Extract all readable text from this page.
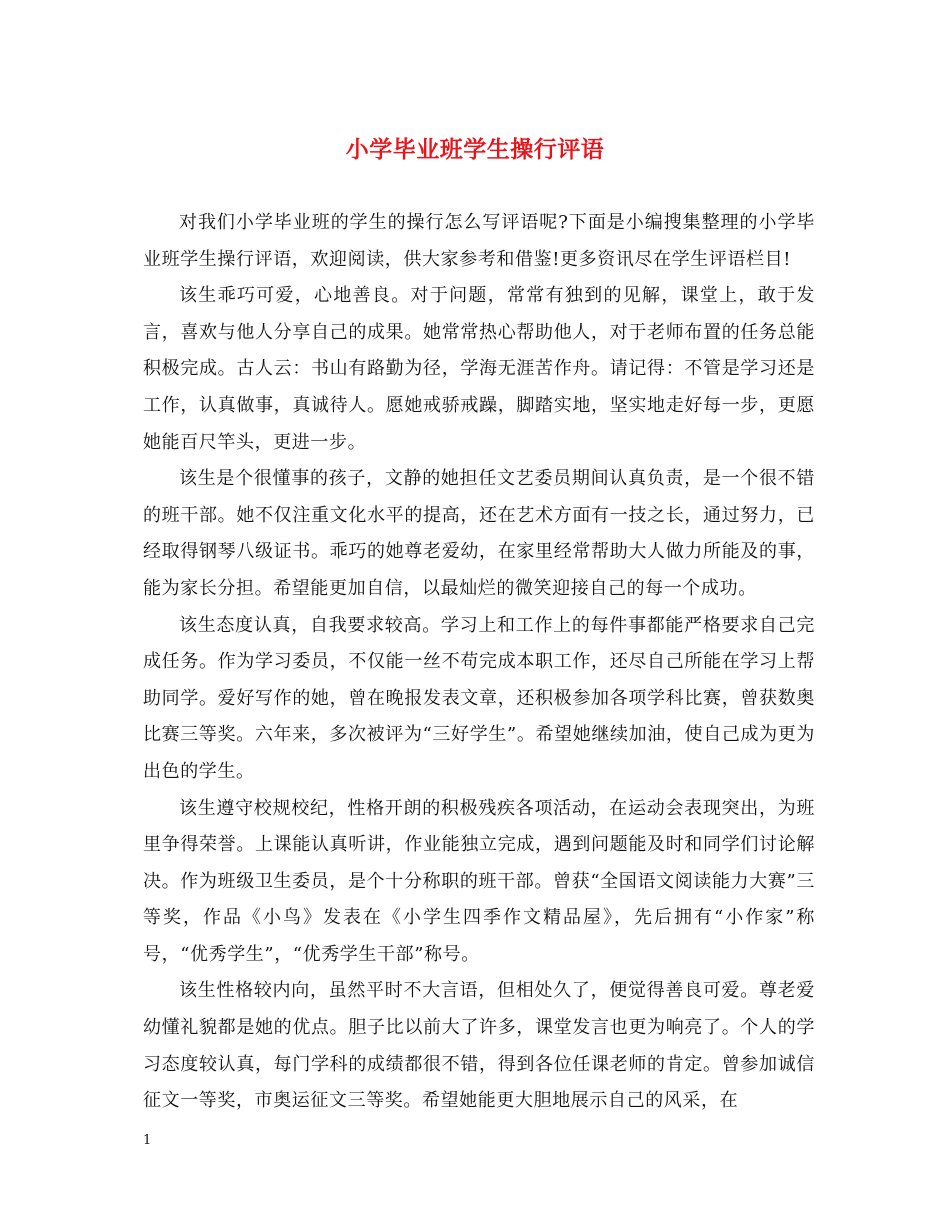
小学毕业班学生操行评语

对我们小学毕业班的学生的操行怎么写评语呢?下面是小编搜集整理的小学毕业班学生操行评语，欢迎阅读，供大家参考和借鉴!更多资讯尽在学生评语栏目!

该生乖巧可爱，心地善良。对于问题，常常有独到的见解，课堂上，敢于发言，喜欢与他人分享自己的成果。她常常热心帮助他人，对于老师布置的任务总能积极完成。古人云：书山有路勤为径，学海无涯苦作舟。请记得：不管是学习还是工作，认真做事，真诚待人。愿她戒骄戒躁，脚踏实地，坚实地走好每一步，更愿她能百尺竿头，更进一步。

该生是个很懂事的孩子，文静的她担任文艺委员期间认真负责，是一个很不错的班干部。她不仅注重文化水平的提高，还在艺术方面有一技之长，通过努力，已经取得钢琴八级证书。乖巧的她尊老爱幼，在家里经常帮助大人做力所能及的事，能为家长分担。希望能更加自信，以最灿烂的微笑迎接自己的每一个成功。

该生态度认真，自我要求较高。学习上和工作上的每件事都能严格要求自己完成任务。作为学习委员，不仅能一丝不苟完成本职工作，还尽自己所能在学习上帮助同学。爱好写作的她，曾在晚报发表文章，还积极参加各项学科比赛，曾获数奥比赛三等奖。六年来，多次被评为“三好学生”。希望她继续加油，使自己成为更为出色的学生。

该生遵守校规校纪，性格开朗的积极残疾各项活动，在运动会表现突出，为班里争得荣誉。上课能认真听讲，作业能独立完成，遇到问题能及时和同学们讨论解决。作为班级卫生委员，是个十分称职的班干部。曾获“全国语文阅读能力大赛”三等奖，作品《小鸟》发表在《小学生四季作文精品屋》，先后拥有“小作家”称号，“优秀学生”，“优秀学生干部”称号。

该生性格较内向，虽然平时不大言语，但相处久了，便觉得善良可爱。尊老爱幼懂礼貌都是她的优点。胆子比以前大了许多，课堂发言也更为响亮了。个人的学习态度较认真，每门学科的成绩都很不错，得到各位任课老师的肯定。曾参加诚信征文一等奖，市奥运征文三等奖。希望她能更大胆地展示自己的风采，在

1
